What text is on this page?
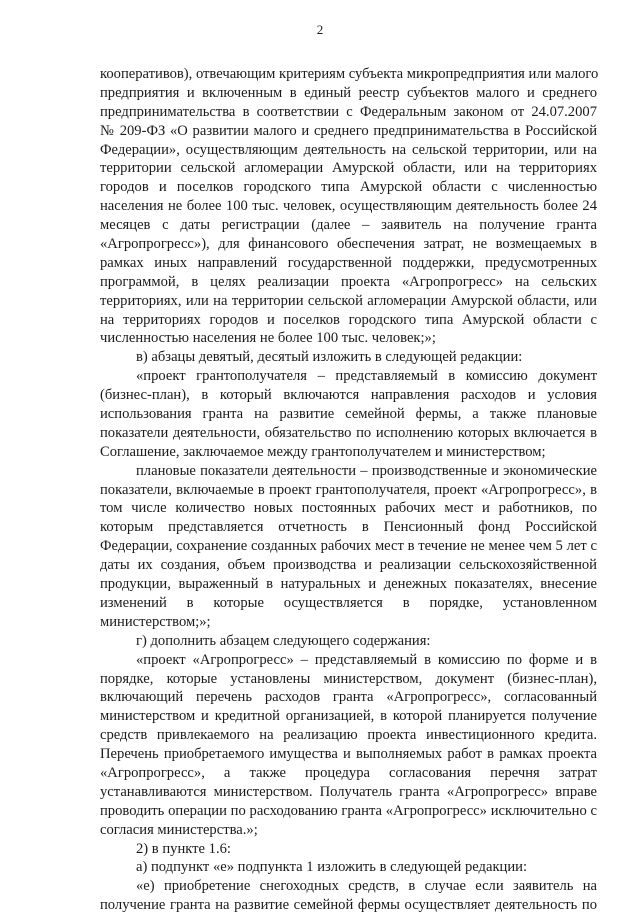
2
кооперативов), отвечающим критериям субъекта микропредприятия или малого
предприятия и включенным в единый реестр субъектов малого и среднего
предпринимательства в соответствии с Федеральным законом от 24.07.2007
№ 209-ФЗ «О развитии малого и среднего предпринимательства в Российской
Федерации», осуществляющим деятельность на сельской территории, или на
территории сельской агломерации Амурской области, или на территориях
городов и поселков городского типа Амурской области с численностью
населения не более 100 тыс. человек, осуществляющим деятельность более 24
месяцев с даты регистрации (далее – заявитель на получение гранта
«Агропрогресс»), для финансового обеспечения затрат, не возмещаемых в
рамках иных направлений государственной поддержки, предусмотренных
программой, в целях реализации проекта «Агропрогресс» на сельских
территориях, или на территории сельской агломерации Амурской области, или
на территориях городов и поселков городского типа Амурской области с
численностью населения не более 100 тыс. человек;»;
в) абзацы девятый, десятый изложить в следующей редакции:
«проект грантополучателя – представляемый в комиссию документ
(бизнес-план), в который включаются направления расходов и условия
использования гранта на развитие семейной фермы, а также плановые
показатели деятельности, обязательство по исполнению которых включается в
Соглашение, заключаемое между грантополучателем и министерством;
плановые показатели деятельности – производственные и экономические
показатели, включаемые в проект грантополучателя, проект «Агропрогресс», в
том числе количество новых постоянных рабочих мест и работников, по
которым представляется отчетность в Пенсионный фонд Российской
Федерации, сохранение созданных рабочих мест в течение не менее чем 5 лет с
даты их создания, объем производства и реализации сельскохозяйственной
продукции, выраженный в натуральных и денежных показателях, внесение
изменений в которые осуществляется в порядке, установленном
министерством;»;
г) дополнить абзацем следующего содержания:
«проект «Агропрогресс» – представляемый в комиссию по форме и в
порядке, которые установлены министерством, документ (бизнес-план),
включающий перечень расходов гранта «Агропрогресс», согласованный
министерством и кредитной организацией, в которой планируется получение
средств привлекаемого на реализацию проекта инвестиционного кредита.
Перечень приобретаемого имущества и выполняемых работ в рамках проекта
«Агропрогресс», а также процедура согласования перечня затрат
устанавливаются министерством. Получатель гранта «Агропрогресс» вправе
проводить операции по расходованию гранта «Агропрогресс» исключительно с
согласия министерства.»;
2) в пункте 1.6:
а) подпункт «е» подпункта 1 изложить в следующей редакции:
«е) приобретение снегоходных средств, в случае если заявитель на
получение гранта на развитие семейной фермы осуществляет деятельность по
